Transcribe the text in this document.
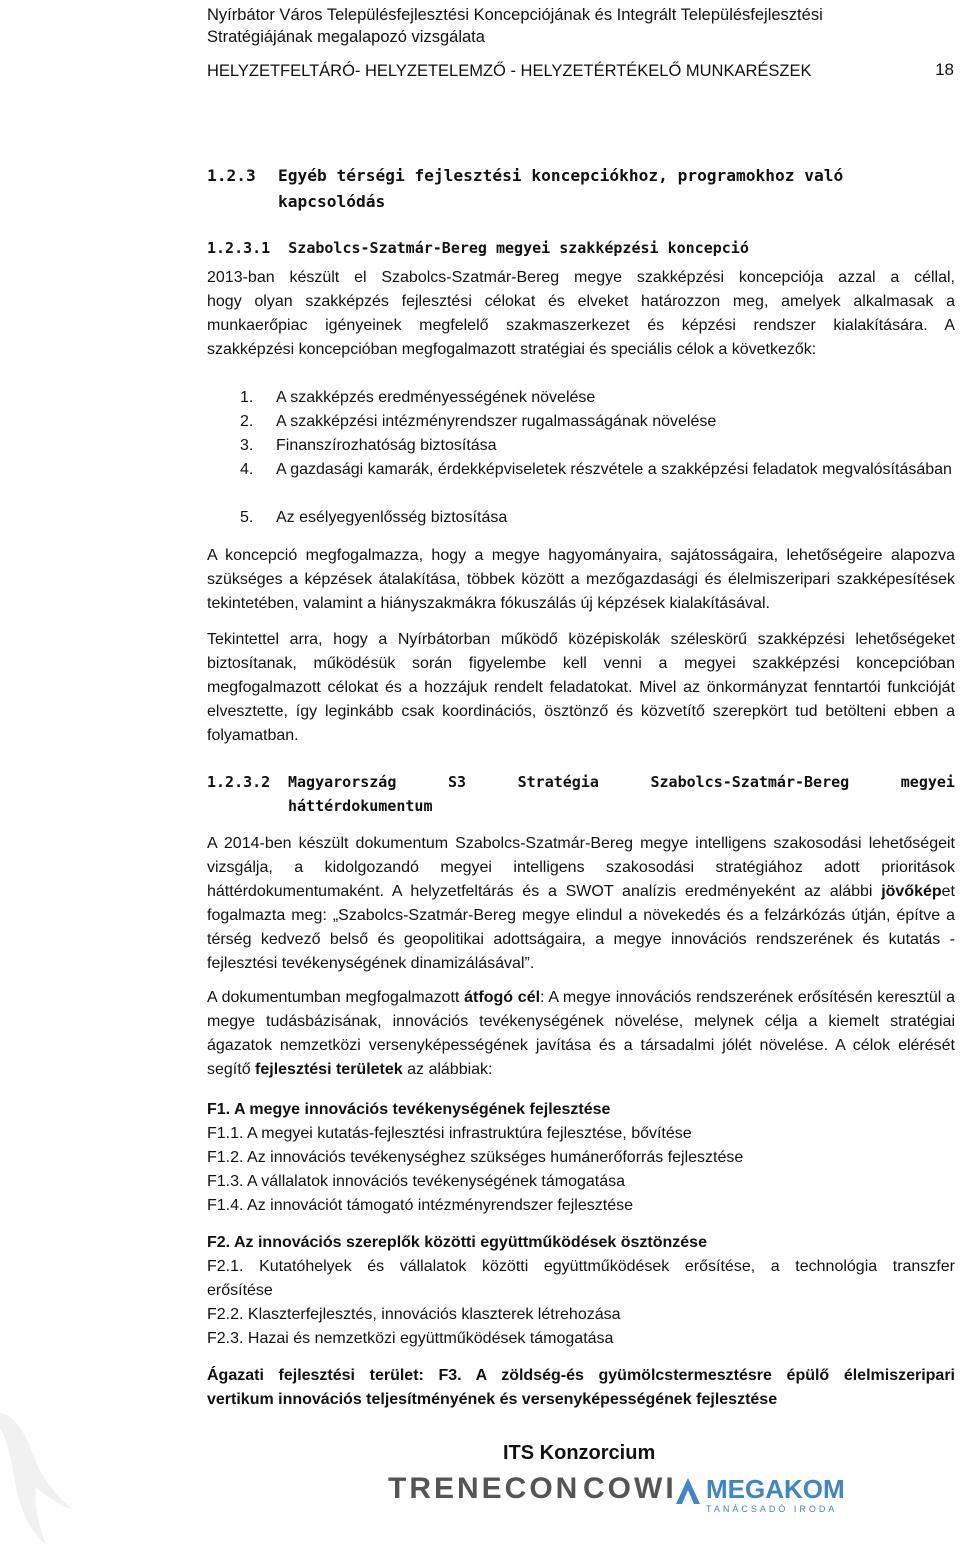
Nyírbátor Város Településfejlesztési Koncepciójának és Integrált Településfejlesztési
Stratégiájának megalapozó vizsgálata
HELYZETFELTÁRÓ- HELYZETELEMZŐ - HELYZETÉRTÉKELŐ MUNKARÉSZEK	18
1.2.3 Egyéb térségi fejlesztési koncepciókhoz, programokhoz való
kapcsolódás
1.2.3.1  Szabolcs-Szatmár-Bereg megyei szakképzési koncepció
2013-ban készült el Szabolcs-Szatmár-Bereg megye szakképzési koncepciója azzal a céllal,
hogy olyan szakképzés fejlesztési célokat és elveket határozzon meg, amelyek alkalmasak a
munkaerőpiac igényeinek megfelelő szakmaszerkezet és képzési rendszer kialakítására. A
szakképzési koncepcióban megfogalmazott stratégiai és speciális célok a következők:
1.	A szakképzés eredményességének növelése
2.	A szakképzési intézményrendszer rugalmasságának növelése
3.	Finanszírozhatóság biztosítása
4.	A gazdasági kamarák, érdekképviseletek részvétele a szakképzési feladatok megvalósításában
5.	Az esélyegyenlősség biztosítása
A koncepció megfogalmazza, hogy a megye hagyományaira, sajátosságaira, lehetőségeire alapozva szükséges a képzések átalakítása, többek között a mezőgazdasági és élelmiszeripari szakképesítések tekintetében, valamint a hiányszakmákra fókuszálás új képzések kialakításával.
Tekintettel arra, hogy a Nyírbátorban működő középiskolák széleskörű szakképzési lehetőségeket biztosítanak, működésük során figyelembe kell venni a megyei szakképzési koncepcióban megfogalmazott célokat és a hozzájuk rendelt feladatokat. Mivel az önkormányzat fenntartói funkcióját elvesztette, így leginkább csak koordinációs, ösztönző és közvetítő szerepkört tud betölteni ebben a folyamatban.
1.2.3.2 Magyarország	S3	Stratégia	Szabolcs-Szatmár-Bereg	megyei
háttérdokumentum
A 2014-ben készült dokumentum Szabolcs-Szatmár-Bereg megye intelligens szakosodási lehetőségeit vizsgálja, a kidolgozandó megyei intelligens szakosodási stratégiához adott prioritások háttérdokumentumaként. A helyzetfeltárás és a SWOT analízis eredményeként az alábbi jövőképet fogalmazta meg: „Szabolcs-Szatmár-Bereg megye elindul a növekedés és a felzárkózás útján, építve a térség kedvező belső és geopolitikai adottságaira, a megye innovációs rendszerének és kutatás - fejlesztési tevékenységének dinamizálásával”.
A dokumentumban megfogalmazott átfogó cél: A megye innovációs rendszerének erősítésén keresztül a megye tudásbázisának, innovációs tevékenységének növelése, melynek célja a kiemelt stratégiai ágazatok nemzetközi versenyképességének javítása és a társadalmi jólét növelése. A célok elérését segítő fejlesztési területek az alábbiak:
F1. A megye innovációs tevékenységének fejlesztése
F1.1. A megyei kutatás-fejlesztési infrastruktúra fejlesztése, bővítése
F1.2. Az innovációs tevékenységhez szükséges humánerőforrás fejlesztése
F1.3. A vállalatok innovációs tevékenységének támogatása
F1.4. Az innovációt támogató intézményrendszer fejlesztése
F2. Az innovációs szereplők közötti együttműködések ösztönzése
F2.1. Kutatóhelyek és vállalatok közötti együttműködések erősítése, a technológia transzfer
erősítése
F2.2. Klaszterfejlesztés, innovációs klaszterek létrehozása
F2.3. Hazai és nemzetközi együttműködések támogatása
Ágazati fejlesztési terület: F3. A zöldség-és gyümölcstermesztésre épülő élelmiszeripari
vertikum innovációs teljesítményének és versenyképességének fejlesztése
ITS Konzorcium
TRENECON COWI MEGAKOM
TANÁCSADÓ IRODA
